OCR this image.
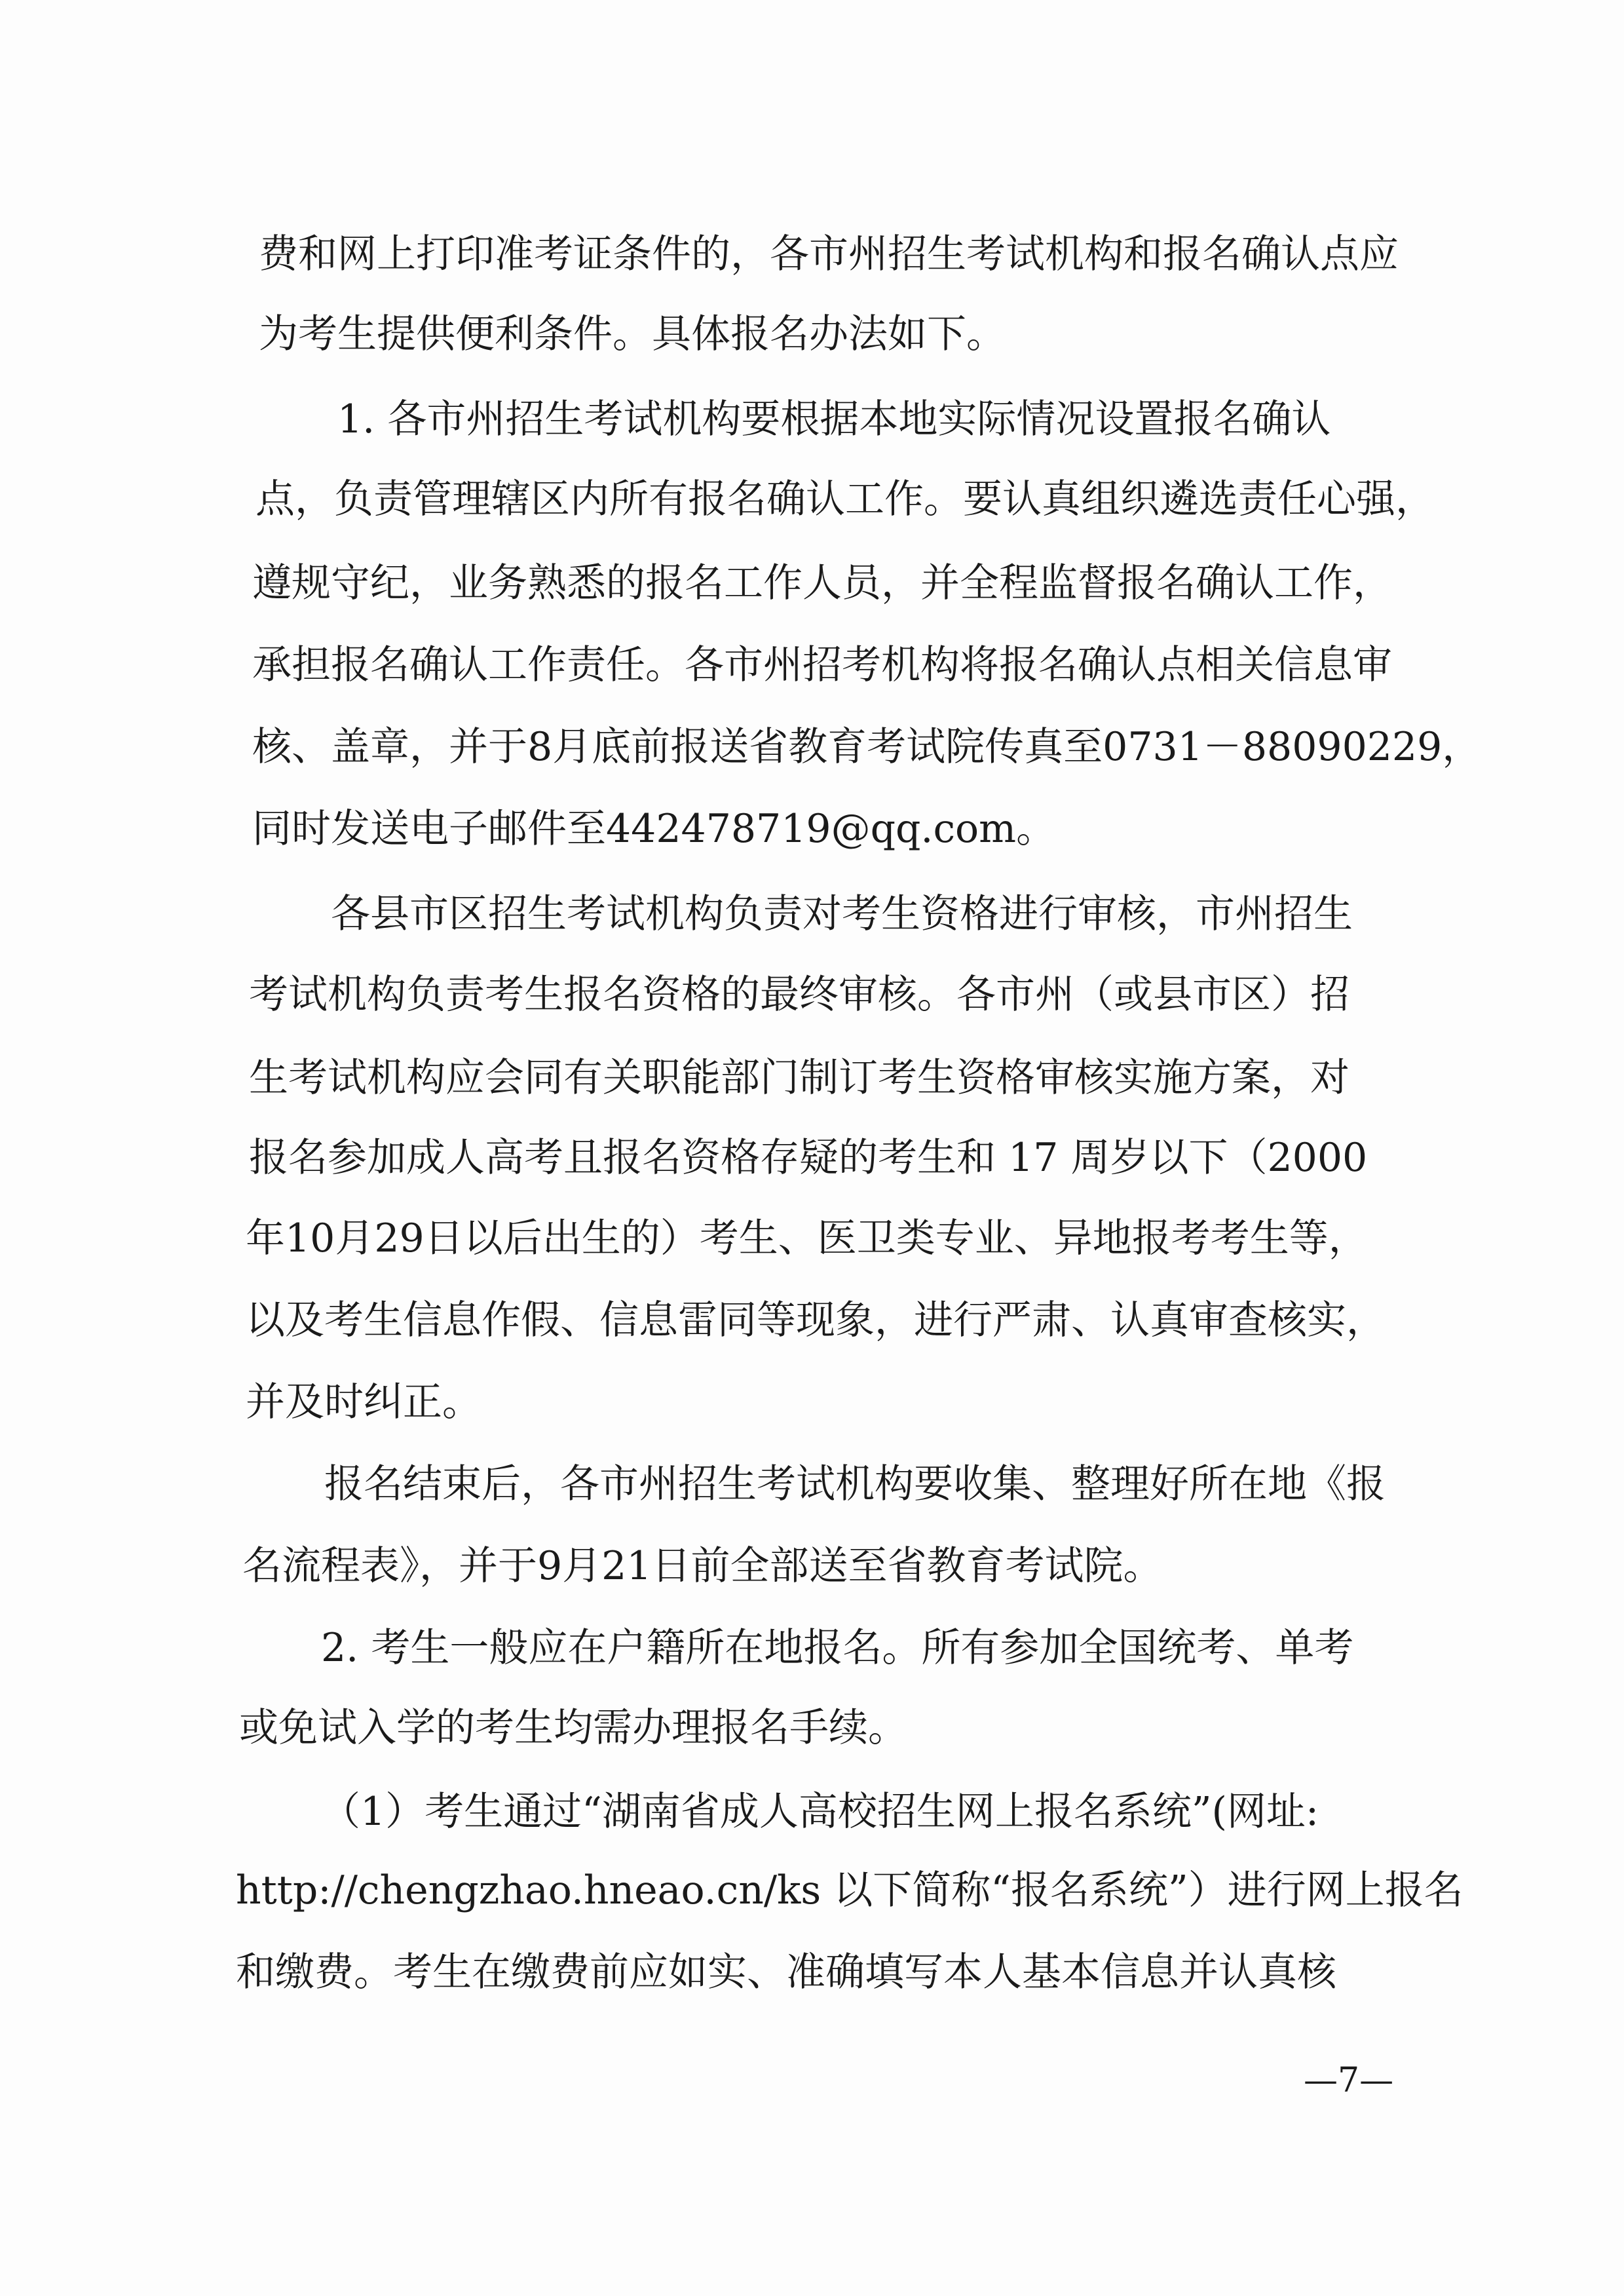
费和网上打印准考证条件的，各市州招生考试机构和报名确认点应
为考生提供便利条件。具体报名办法如下。
1. 各市州招生考试机构要根据本地实际情况设置报名确认
点，负责管理辖区内所有报名确认工作。要认真组织遴选责任心强，
遵规守纪，业务熟悉的报名工作人员，并全程监督报名确认工作，
承担报名确认工作责任。各市州招考机构将报名确认点相关信息审
核、盖章，并于8月底前报送省教育考试院传真至0731－88090229，
同时发送电子邮件至442478719@qq.com。
各县市区招生考试机构负责对考生资格进行审核，市州招生
考试机构负责考生报名资格的最终审核。各市州（或县市区）招
生考试机构应会同有关职能部门制订考生资格审核实施方案，对
报名参加成人高考且报名资格存疑的考生和 17 周岁以下（2000
年10月29日以后出生的）考生、医卫类专业、异地报考考生等，
以及考生信息作假、信息雷同等现象，进行严肃、认真审查核实，
并及时纠正。
报名结束后，各市州招生考试机构要收集、整理好所在地《报
名流程表》，并于9月21日前全部送至省教育考试院。
2. 考生一般应在户籍所在地报名。所有参加全国统考、单考
或免试入学的考生均需办理报名手续。
（1）考生通过“湖南省成人高校招生网上报名系统”(网址:
http://chengzhao.hneao.cn/ks 以下简称“报名系统”）进行网上报名
和缴费。考生在缴费前应如实、准确填写本人基本信息并认真核
—7—
